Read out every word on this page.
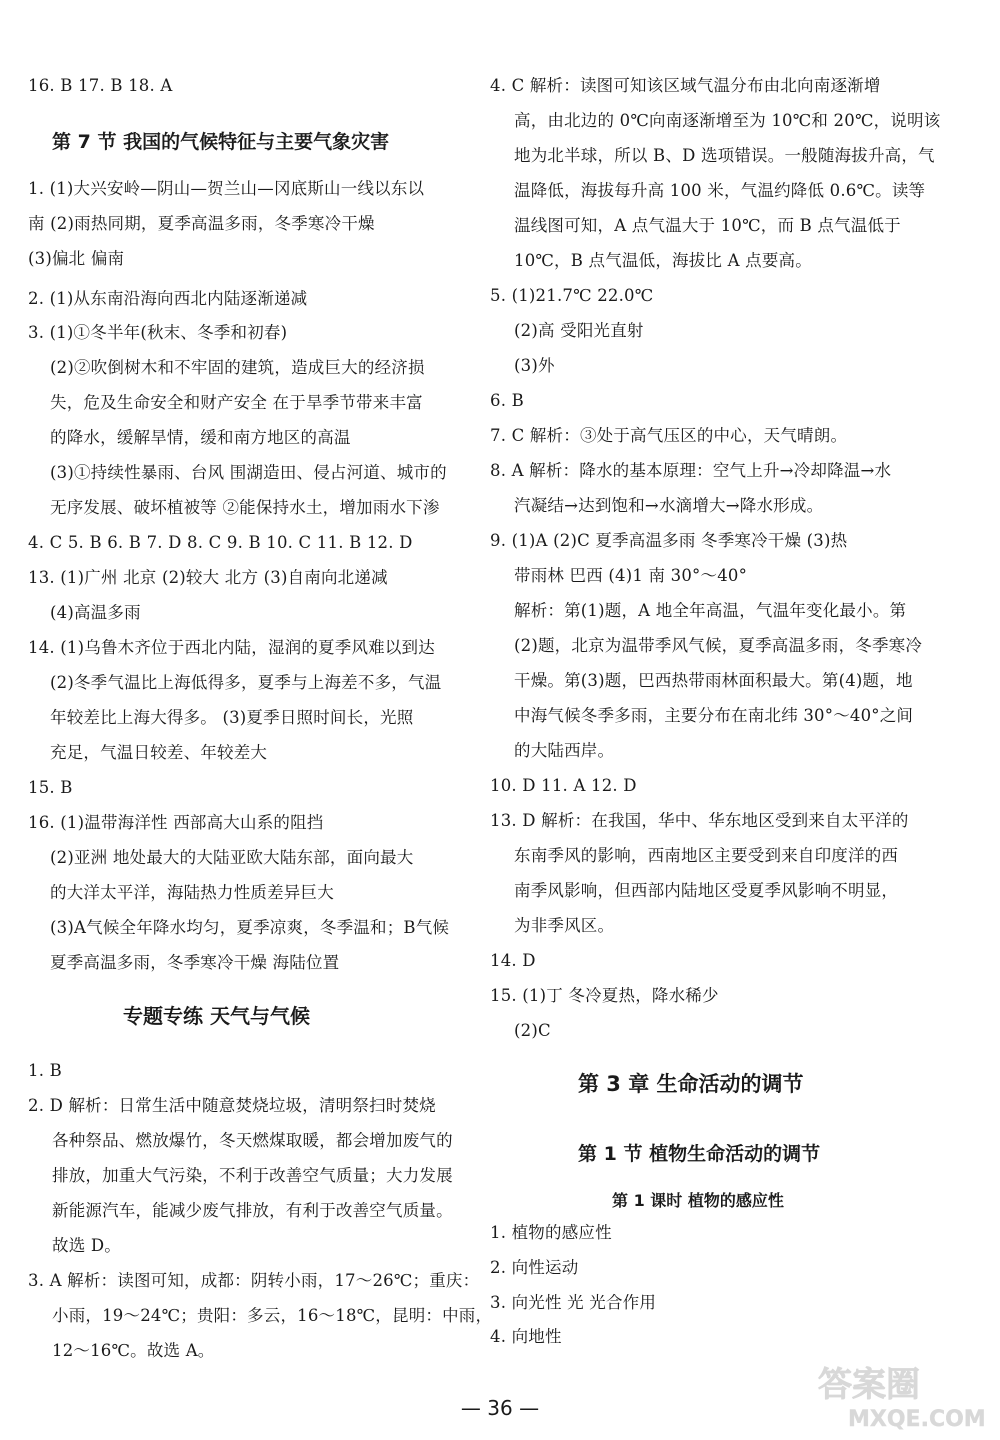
16. B 17. B 18. A
第 7 节 我国的气候特征与主要气象灾害
1. (1)大兴安岭—阴山—贺兰山—冈底斯山一线以东以
南 (2)雨热同期，夏季高温多雨，冬季寒冷干燥
(3)偏北 偏南
2. (1)从东南沿海向西北内陆逐渐递减
3. (1)①冬半年(秋末、冬季和初春)
(2)②吹倒树木和不牢固的建筑，造成巨大的经济损
失，危及生命安全和财产安全 在于旱季节带来丰富
的降水，缓解旱情，缓和南方地区的高温
(3)①持续性暴雨、台风 围湖造田、侵占河道、城市的
无序发展、破坏植被等 ②能保持水土，增加雨水下渗
4. C 5. B 6. B 7. D 8. C 9. B 10. C 11. B 12. D
13. (1)广州 北京 (2)较大 北方 (3)自南向北递减
(4)高温多雨
14. (1)乌鲁木齐位于西北内陆，湿润的夏季风难以到达
(2)冬季气温比上海低得多，夏季与上海差不多，气温
年较差比上海大得多。 (3)夏季日照时间长，光照
充足，气温日较差、年较差大
15. B
16. (1)温带海洋性 西部高大山系的阻挡
(2)亚洲 地处最大的大陆亚欧大陆东部，面向最大
的大洋太平洋，海陆热力性质差异巨大
(3)A气候全年降水均匀，夏季凉爽，冬季温和；B气候
夏季高温多雨，冬季寒冷干燥 海陆位置
专题专练 天气与气候
1. B
2. D 解析：日常生活中随意焚烧垃圾，清明祭扫时焚烧
各种祭品、燃放爆竹，冬天燃煤取暖，都会增加废气的
排放，加重大气污染，不利于改善空气质量；大力发展
新能源汽车，能减少废气排放，有利于改善空气质量。
故选 D。
3. A 解析：读图可知，成都：阴转小雨，17～26℃；重庆：
小雨，19～24℃；贵阳：多云，16～18℃，昆明：中雨，
12～16℃。故选 A。
4. C 解析：读图可知该区域气温分布由北向南逐渐增
高，由北边的 0℃向南逐渐增至为 10℃和 20℃，说明该
地为北半球，所以 B、D 选项错误。一般随海拔升高，气
温降低，海拔每升高 100 米，气温约降低 0.6℃。读等
温线图可知，A 点气温大于 10℃，而 B 点气温低于
10℃，B 点气温低，海拔比 A 点要高。
5. (1)21.7℃ 22.0℃
(2)高 受阳光直射
(3)外
6. B
7. C 解析：③处于高气压区的中心，天气晴朗。
8. A 解析：降水的基本原理：空气上升→冷却降温→水
汽凝结→达到饱和→水滴增大→降水形成。
9. (1)A (2)C 夏季高温多雨 冬季寒冷干燥 (3)热
带雨林 巴西 (4)1 南 30°～40°
解析：第(1)题，A 地全年高温，气温年变化最小。第
(2)题，北京为温带季风气候，夏季高温多雨，冬季寒冷
干燥。第(3)题，巴西热带雨林面积最大。第(4)题，地
中海气候冬季多雨，主要分布在南北纬 30°～40°之间
的大陆西岸。
10. D 11. A 12. D
13. D 解析：在我国，华中、华东地区受到来自太平洋的
东南季风的影响，西南地区主要受到来自印度洋的西
南季风影响，但西部内陆地区受夏季风影响不明显，
为非季风区。
14. D
15. (1)丁 冬冷夏热，降水稀少
(2)C
第 3 章 生命活动的调节
第 1 节 植物生命活动的调节
第 1 课时 植物的感应性
1. 植物的感应性
2. 向性运动
3. 向光性 光 光合作用
4. 向地性
— 36 —
答案圈
MXQE.COM
